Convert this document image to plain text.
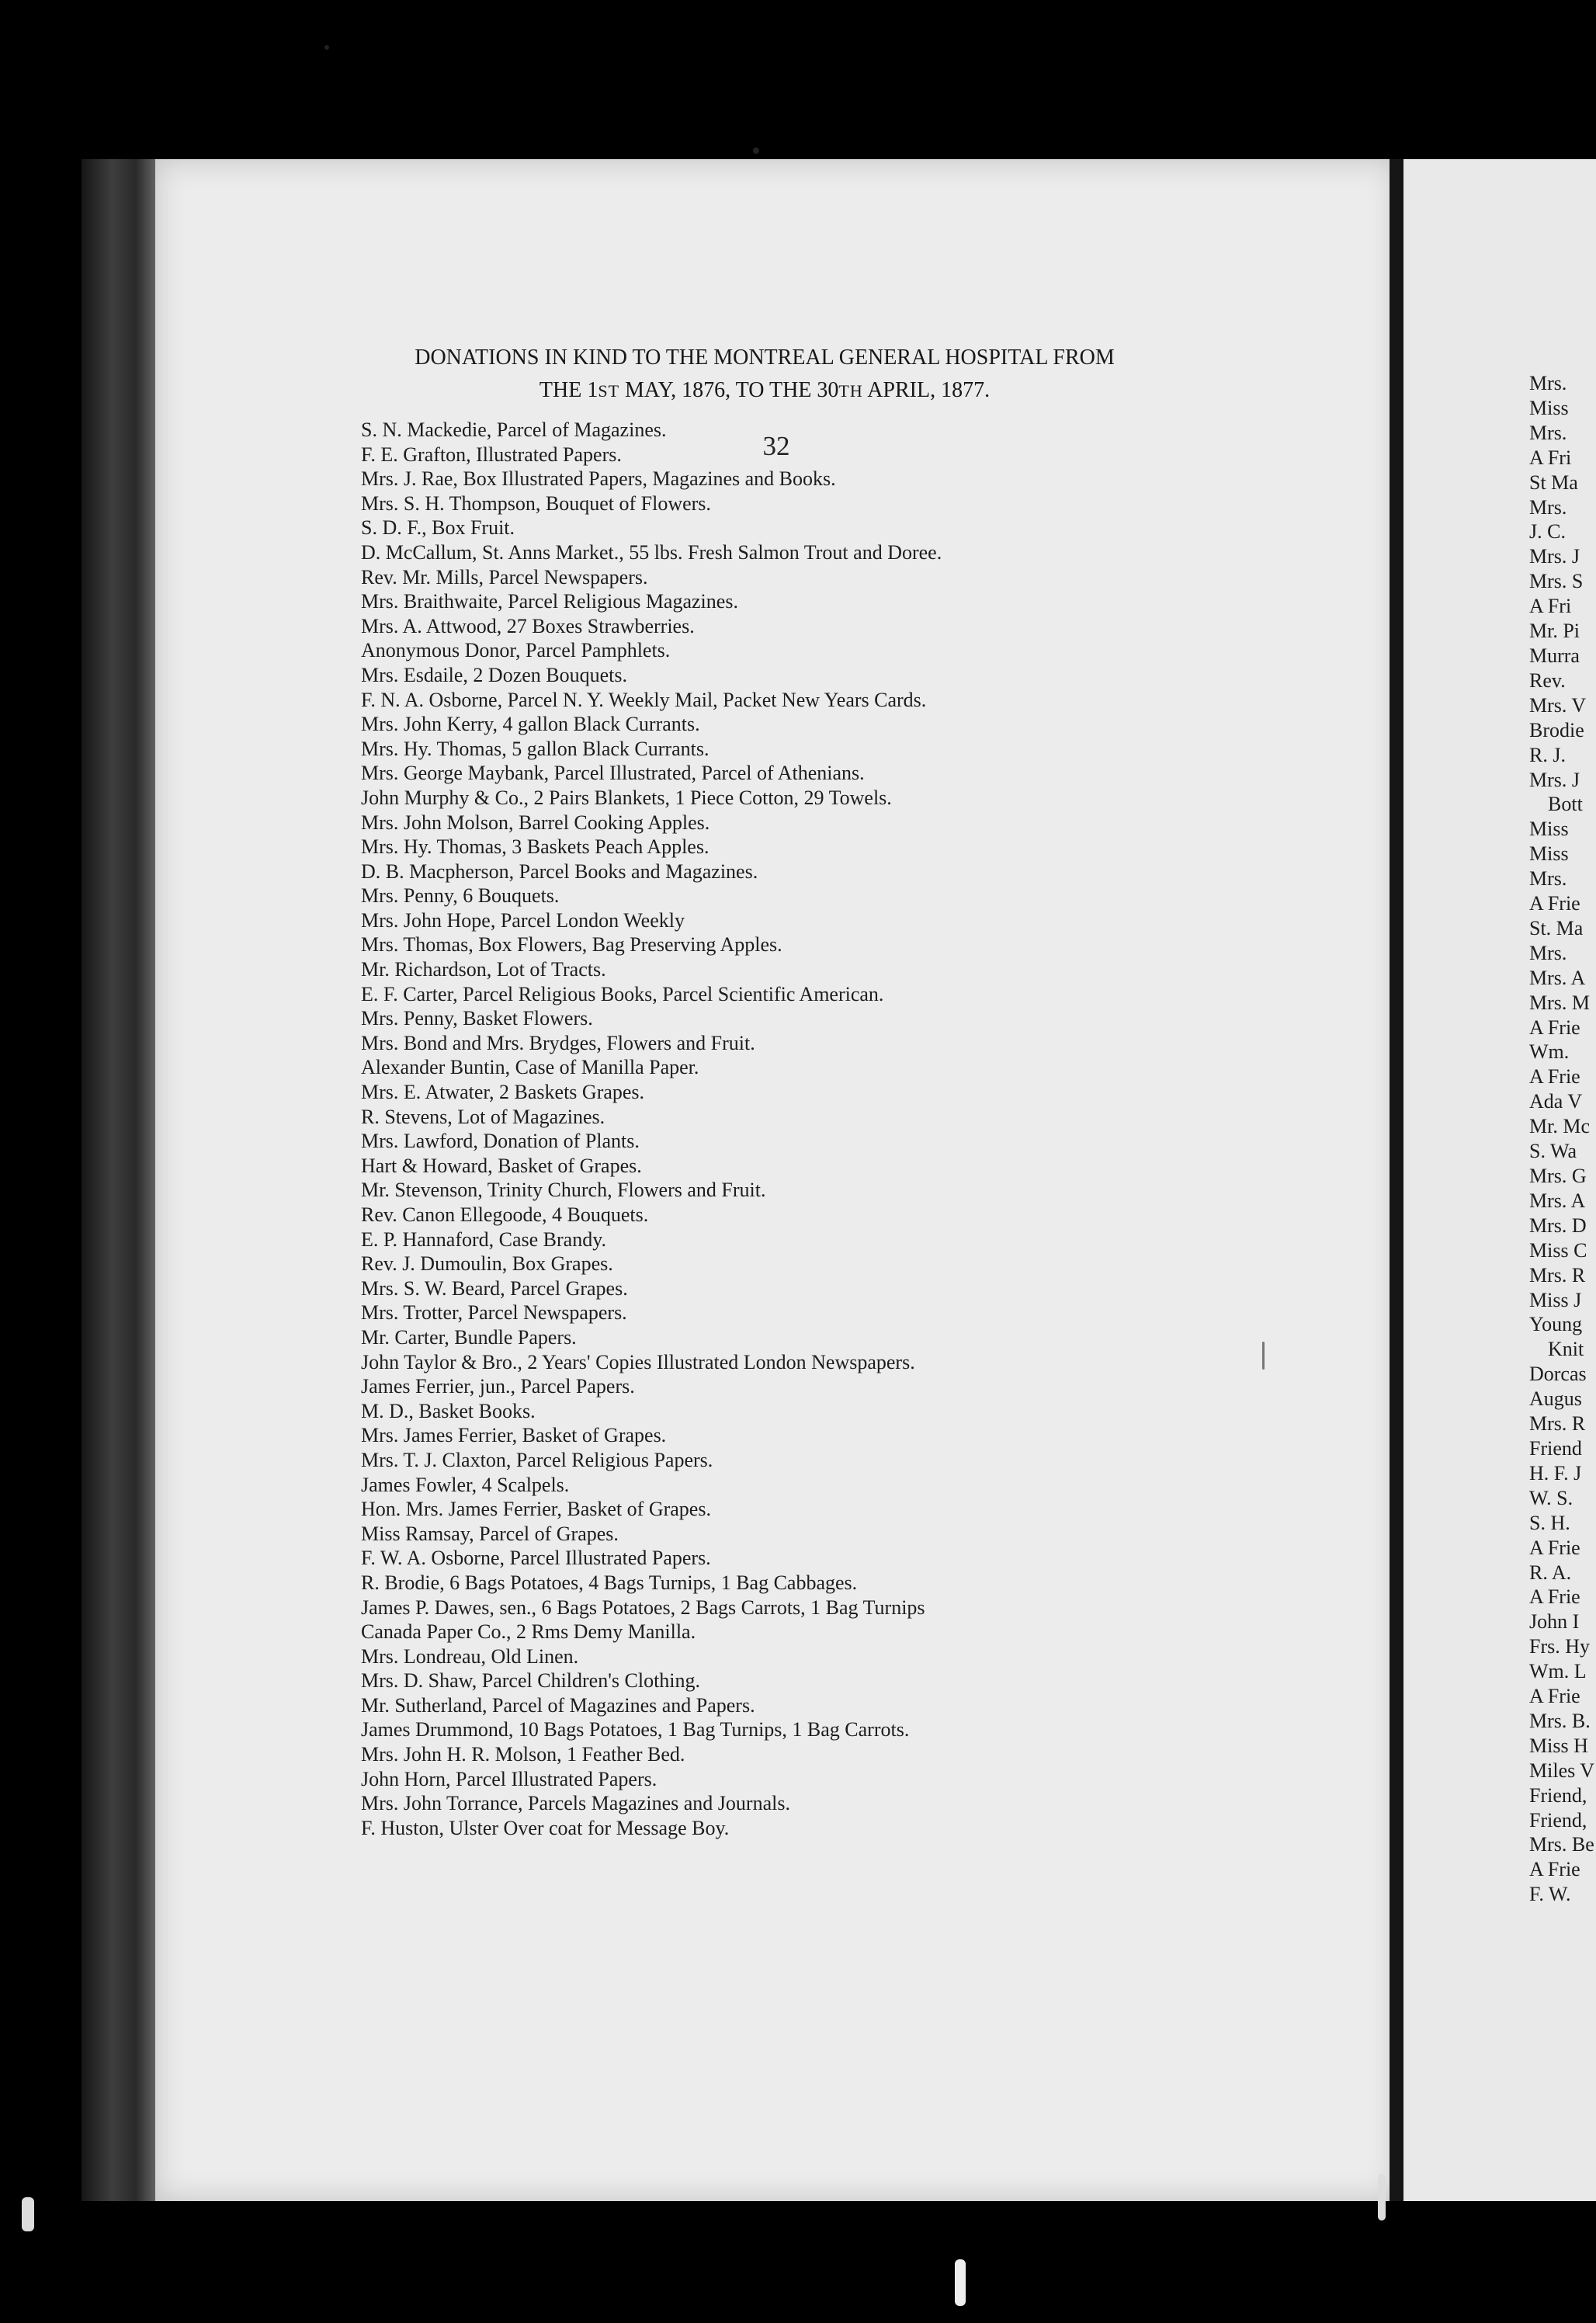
32
DONATIONS IN KIND TO THE MONTREAL GENERAL HOSPITAL FROM
THE 1ST MAY, 1876, TO THE 30TH APRIL, 1877.
S. N. Mackedie, Parcel of Magazines.
F. E. Grafton, Illustrated Papers.
Mrs. J. Rae, Box Illustrated Papers, Magazines and Books.
Mrs. S. H. Thompson, Bouquet of Flowers.
S. D. F., Box Fruit.
D. McCallum, St. Anns Market., 55 lbs. Fresh Salmon Trout and Doree.
Rev. Mr. Mills, Parcel Newspapers.
Mrs. Braithwaite, Parcel Religious Magazines.
Mrs. A. Attwood, 27 Boxes Strawberries.
Anonymous Donor, Parcel Pamphlets.
Mrs. Esdaile, 2 Dozen Bouquets.
F. N. A. Osborne, Parcel N. Y. Weekly Mail, Packet New Years Cards.
Mrs. John Kerry, 4 gallon Black Currants.
Mrs. Hy. Thomas, 5 gallon Black Currants.
Mrs. George Maybank, Parcel Illustrated, Parcel of Athenians.
John Murphy & Co., 2 Pairs Blankets, 1 Piece Cotton, 29 Towels.
Mrs. John Molson, Barrel Cooking Apples.
Mrs. Hy. Thomas, 3 Baskets Peach Apples.
D. B. Macpherson, Parcel Books and Magazines.
Mrs. Penny, 6 Bouquets.
Mrs. John Hope, Parcel London Weekly
Mrs. Thomas, Box Flowers, Bag Preserving Apples.
Mr. Richardson, Lot of Tracts.
E. F. Carter, Parcel Religious Books, Parcel Scientific American.
Mrs. Penny, Basket Flowers.
Mrs. Bond and Mrs. Brydges, Flowers and Fruit.
Alexander Buntin, Case of Manilla Paper.
Mrs. E. Atwater, 2 Baskets Grapes.
R. Stevens, Lot of Magazines.
Mrs. Lawford, Donation of Plants.
Hart & Howard, Basket of Grapes.
Mr. Stevenson, Trinity Church, Flowers and Fruit.
Rev. Canon Ellegoode, 4 Bouquets.
E. P. Hannaford, Case Brandy.
Rev. J. Dumoulin, Box Grapes.
Mrs. S. W. Beard, Parcel Grapes.
Mrs. Trotter, Parcel Newspapers.
Mr. Carter, Bundle Papers.
John Taylor & Bro., 2 Years' Copies Illustrated London Newspapers.
James Ferrier, jun., Parcel Papers.
M. D., Basket Books.
Mrs. James Ferrier, Basket of Grapes.
Mrs. T. J. Claxton, Parcel Religious Papers.
James Fowler, 4 Scalpels.
Hon. Mrs. James Ferrier, Basket of Grapes.
Miss Ramsay, Parcel of Grapes.
F. W. A. Osborne, Parcel Illustrated Papers.
R. Brodie, 6 Bags Potatoes, 4 Bags Turnips, 1 Bag Cabbages.
James P. Dawes, sen., 6 Bags Potatoes, 2 Bags Carrots, 1 Bag Turnips
Canada Paper Co., 2 Rms Demy Manilla.
Mrs. Londreau, Old Linen.
Mrs. D. Shaw, Parcel Children's Clothing.
Mr. Sutherland, Parcel of Magazines and Papers.
James Drummond, 10 Bags Potatoes, 1 Bag Turnips, 1 Bag Carrots.
Mrs. John H. R. Molson, 1 Feather Bed.
John Horn, Parcel Illustrated Papers.
Mrs. John Torrance, Parcels Magazines and Journals.
F. Huston, Ulster Over coat for Message Boy.
Mrs.
Miss
Mrs.
A Fri
St Ma
Mrs.
J. C.
Mrs. J
Mrs. S
A Fri
Mr. Pi
Murra
Rev.
Mrs. V
Brodie
R. J.
Mrs. J
Bott
Miss
Miss
Mrs.
A Frie
St. Ma
Mrs.
Mrs. A
Mrs. M
A Frie
Wm.
A Frie
Ada V
Mr. Mc
S. Wa
Mrs. G
Mrs. A
Mrs. D
Miss C
Mrs. R
Miss J
Young
Knit
Dorcas
Augus
Mrs. R
Friend
H. F. J
W. S.
S. H.
A Frie
R. A.
A Frie
John I
Frs. Hy
Wm. L
A Frie
Mrs. B.
Miss H
Miles V
Friend,
Friend,
Mrs. Be
A Frie
F. W.
